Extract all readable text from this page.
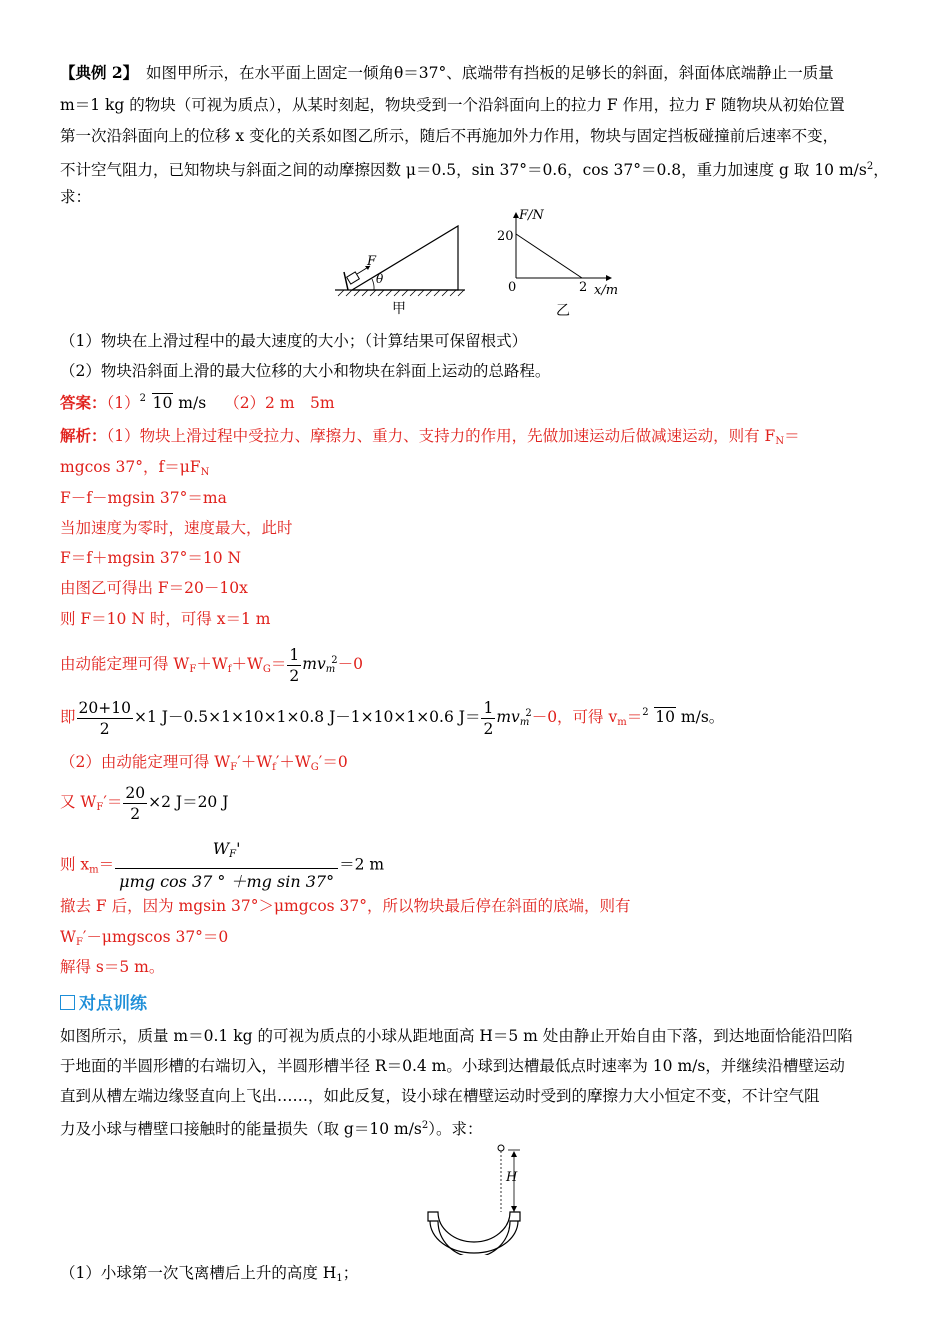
【典例 2】　 如图甲所示，在水平面上固定一倾角θ＝37°、底端带有挡板的足够长的斜面，斜面体底端静止一质量
m＝1 kg 的物块（可视为质点），从某时刻起，物块受到一个沿斜面向上的拉力 F 作用，拉力 F 随物块从初始位置
第一次沿斜面向上的位移 x 变化的关系如图乙所示，随后不再施加外力作用，物块与固定挡板碰撞前后速率不变，
不计空气阻力，已知物块与斜面之间的动摩擦因数 μ＝0.5，sin 37°＝0.6，cos 37°＝0.8，重力加速度 g 取 10 $m/s^2$，
求：
F
θ
甲
F/N
20
0	2 x/m
乙
（1）物块在上滑过程中的最大速度的大小；（计算结果可保留根式）
（2）物块沿斜面上滑的最大位移的大小和物块在斜面上运动的总路程。
答案：（1） 2 10 m/s （2）2 m　5m
解析：（1）物块上滑过程中受拉力、摩擦力、重力、支持力的作用，先做加速运动后做减速运动，则有 $F_N=$
mgcos 37°，$f=\mu F_N$
F－f－mgsin 37°＝ma
当加速度为零时，速度最大，此时
F＝f＋mgsin 37°＝10 N
由图乙可得出 F＝20－10x
则 F＝10 N 时，可得 x＝1 m
由动能定理可得 $W_F+W_f+W_G= \frac{1}{2} mv_m^2-0$
即 $\frac{20+10}{2} \times 1$ J－0.5×1×10×1×0.8 J－1×10×1×0.6 $J= \frac{1}{2} mv_m^2-0$，可得 $v_m= 2$ 10 m/s。
（2）由动能定理可得 $W_F'+W_f'+W_G'=0$
又 $W_F'= \frac{20}{2} \times 2$ J＝20 J
则 $x_m= \frac{W_F'}{\text{μmg cos 37 ° ＋mg sin 37°}} =2$ m
撤去 F 后，因为 mgsin 37°＞μmgcos 37°，所以物块最后停在斜面的底端，则有
$W_F'-\mu mgscos$ 37°＝0
解得 s＝5 m。
对点训练
如图所示，质量 m＝0.1 kg 的可视为质点的小球从距地面高 H＝5 m 处由静止开始自由下落，到达地面恰能沿凹陷
于地面的半圆形槽的右端切入，半圆形槽半径 R＝0.4 m。小球到达槽最低点时速率为 10 m/s，并继续沿槽壁运动
直到从槽左端边缘竖直向上飞出……，如此反复，设小球在槽壁运动时受到的摩擦力大小恒定不变，不计空气阻
力及小球与槽壁口接触时的能量损失（取 g＝10 $m/s^2$）。求：
H
（1）小球第一次飞离槽后上升的高度 $H_1$；
